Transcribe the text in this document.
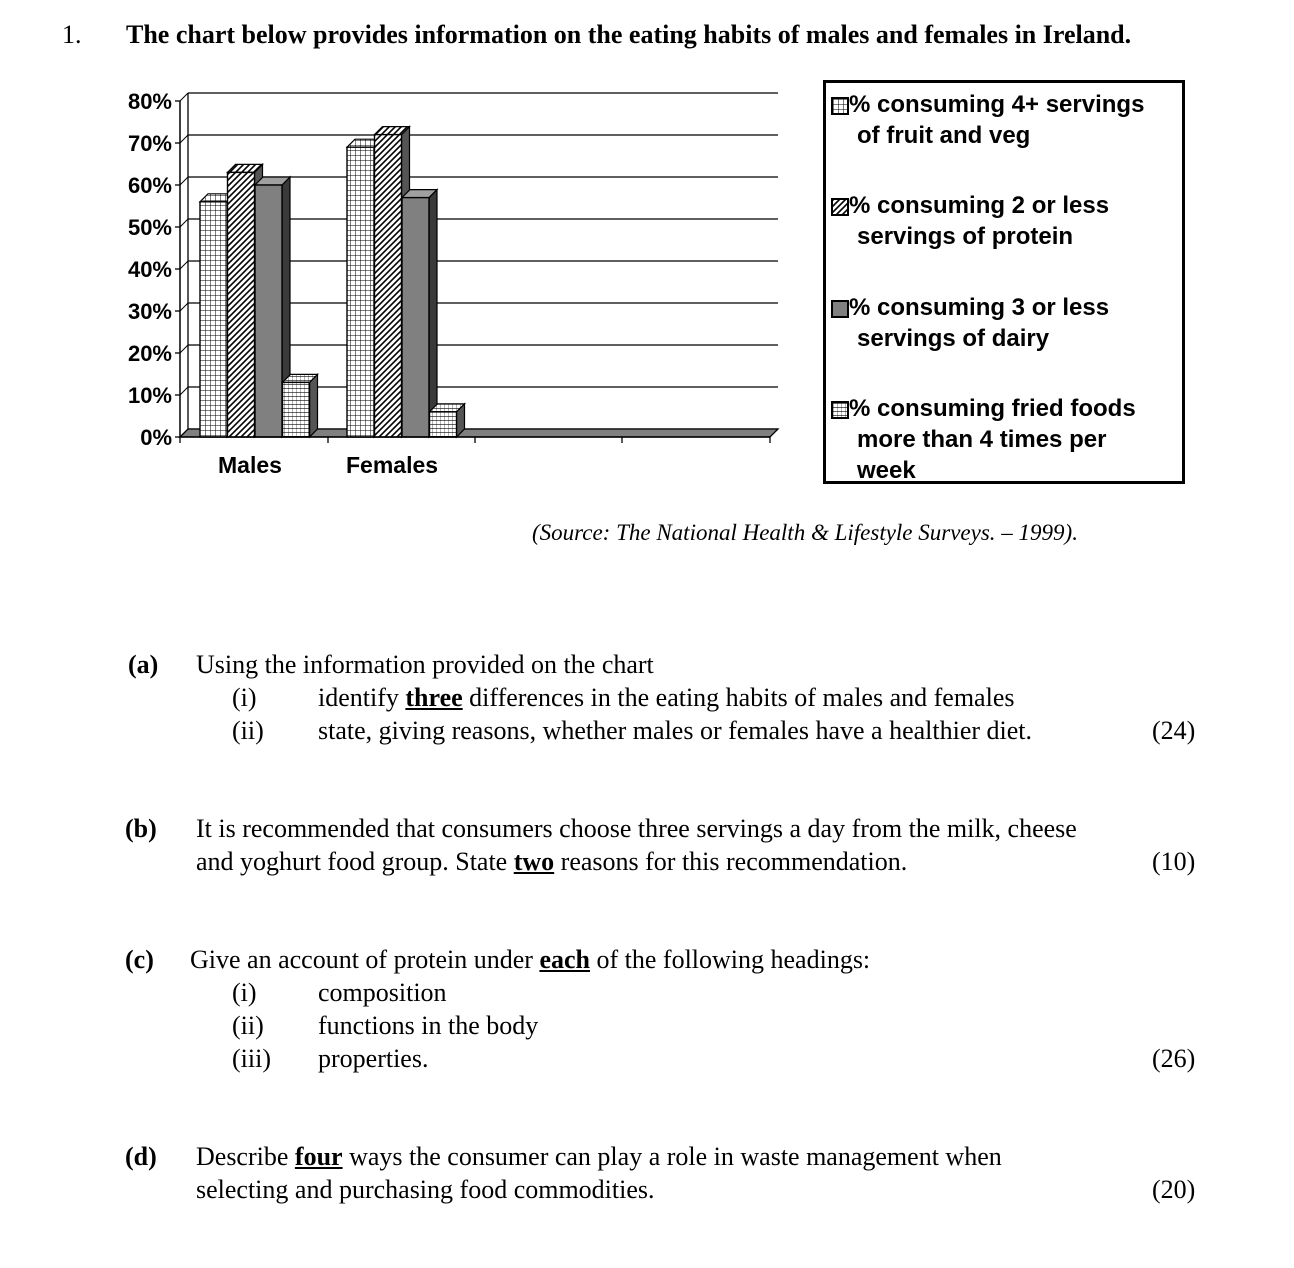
1. The chart below provides information on the eating habits of males and females in Ireland.
0%
10%
20%
30%
40%
50%
60%
70%
80%
Males	Females
% consuming 4+ servings
of fruit and veg
% consuming 2 or less
servings of protein
% consuming 3 or less
servings of dairy
% consuming fried foods
more than 4 times per
week
(Source: The National Health & Lifestyle Surveys. – 1999).
(a) Using the information provided on the chart
(i) identify three differences in the eating habits of males and females
(ii) state, giving reasons, whether males or females have a healthier diet.	(24)
(b) It is recommended that consumers choose three servings a day from the milk, cheese
and yoghurt food group. State two reasons for this recommendation.	(10)
(c) Give an account of protein under each of the following headings:
(i) composition
(ii) functions in the body
(iii) properties.	(26)
(d) Describe four ways the consumer can play a role in waste management when
selecting and purchasing food commodities.	(20)
